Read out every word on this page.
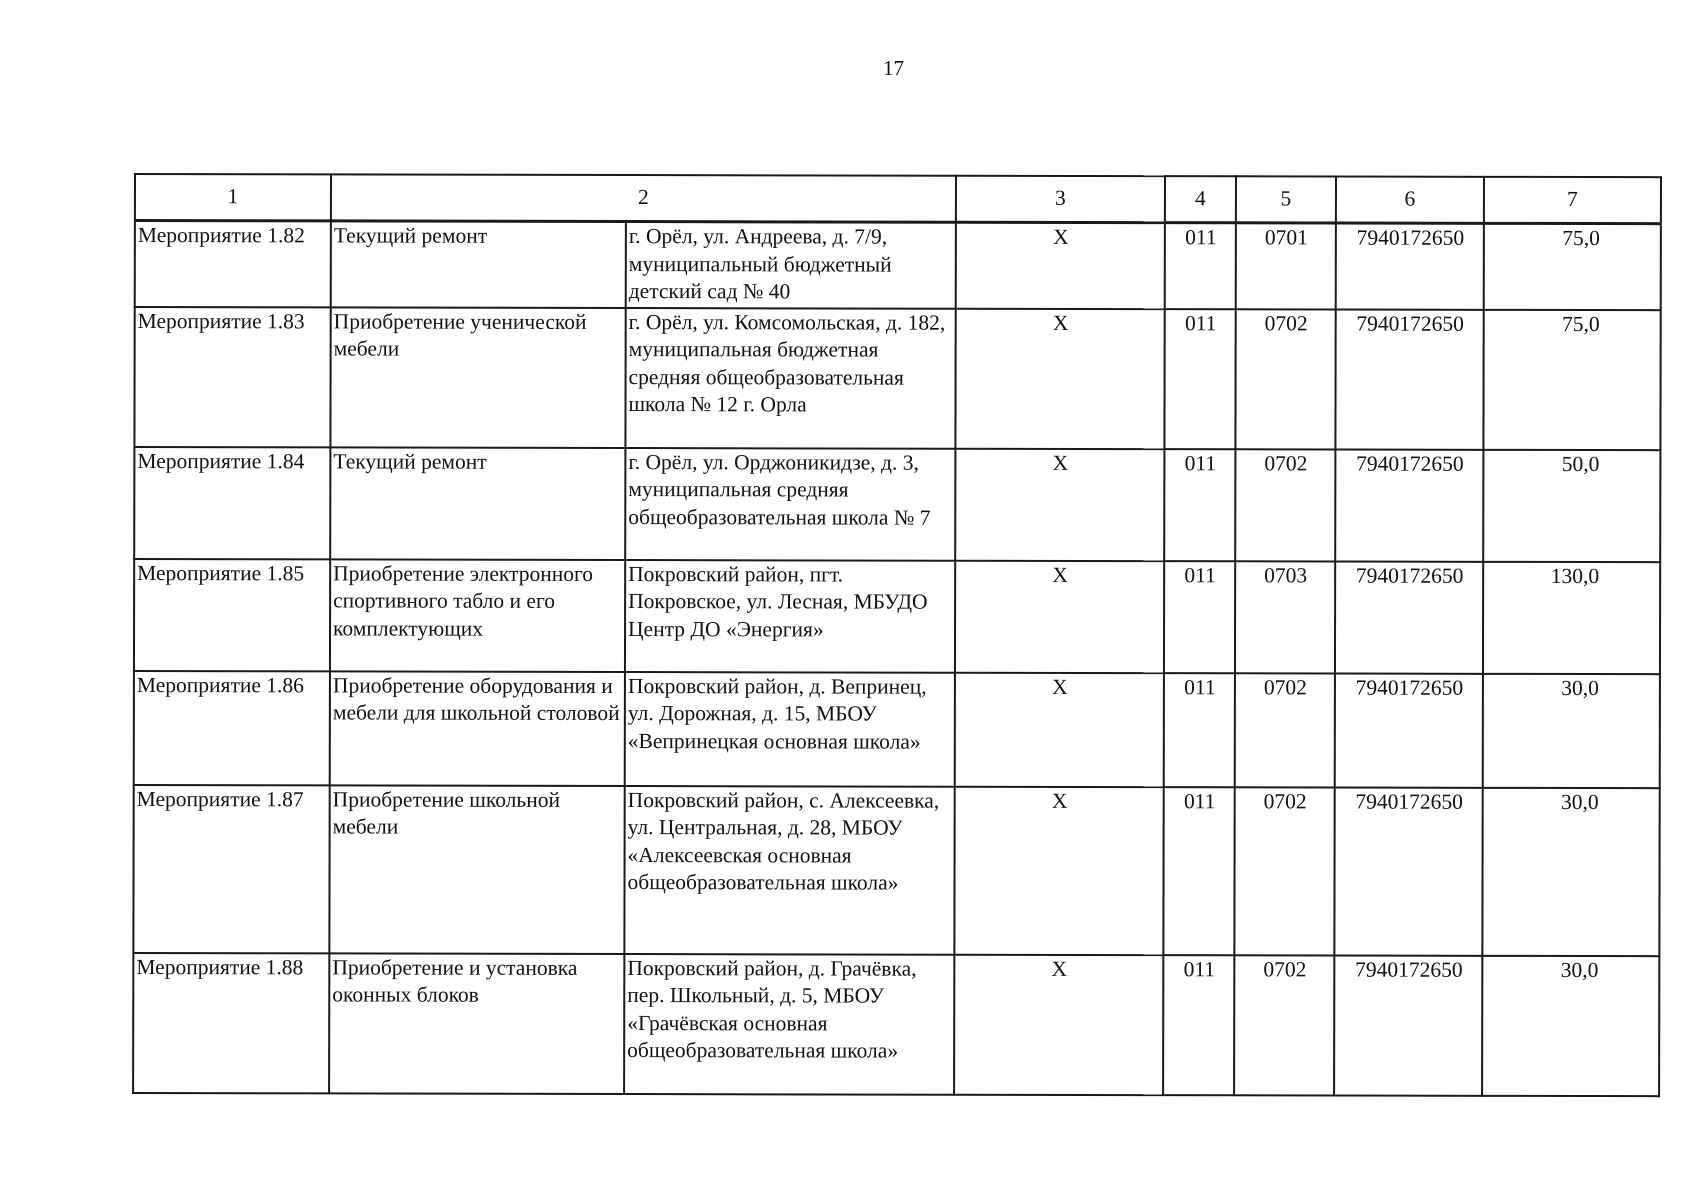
17
1	2		3	4	5	6	7
Мероприятие 1.82	Текущий ремонт	г. Орёл, ул. Андреева, д. 7/9, муниципальный бюджетный детский сад № 40	Х	011	0701	7940172650	75,0
Мероприятие 1.83	Приобретение ученической мебели	г. Орёл, ул. Комсомольская, д. 182, муниципальная бюджетная средняя общеобразовательная школа № 12 г. Орла	Х	011	0702	7940172650	75,0
Мероприятие 1.84	Текущий ремонт	г. Орёл, ул. Орджоникидзе, д. 3, муниципальная средняя общеобразовательная школа № 7	Х	011	0702	7940172650	50,0
Мероприятие 1.85	Приобретение электронного спортивного табло и его комплектующих	Покровский район, пгт. Покровское, ул. Лесная, МБУДО Центр ДО «Энергия»	Х	011	0703	7940172650	130,0
Мероприятие 1.86	Приобретение оборудования и мебели для школьной столовой	Покровский район, д. Вепринец, ул. Дорожная, д. 15, МБОУ «Вепринецкая основная школа»	Х	011	0702	7940172650	30,0
Мероприятие 1.87	Приобретение школьной мебели	Покровский район, с. Алексеевка, ул. Центральная, д. 28, МБОУ «Алексеевская основная общеобразовательная школа»	Х	011	0702	7940172650	30,0
Мероприятие 1.88	Приобретение и установка оконных блоков	Покровский район, д. Грачёвка, пер. Школьный, д. 5, МБОУ «Грачёвская основная общеобразовательная школа»	Х	011	0702	7940172650	30,0
